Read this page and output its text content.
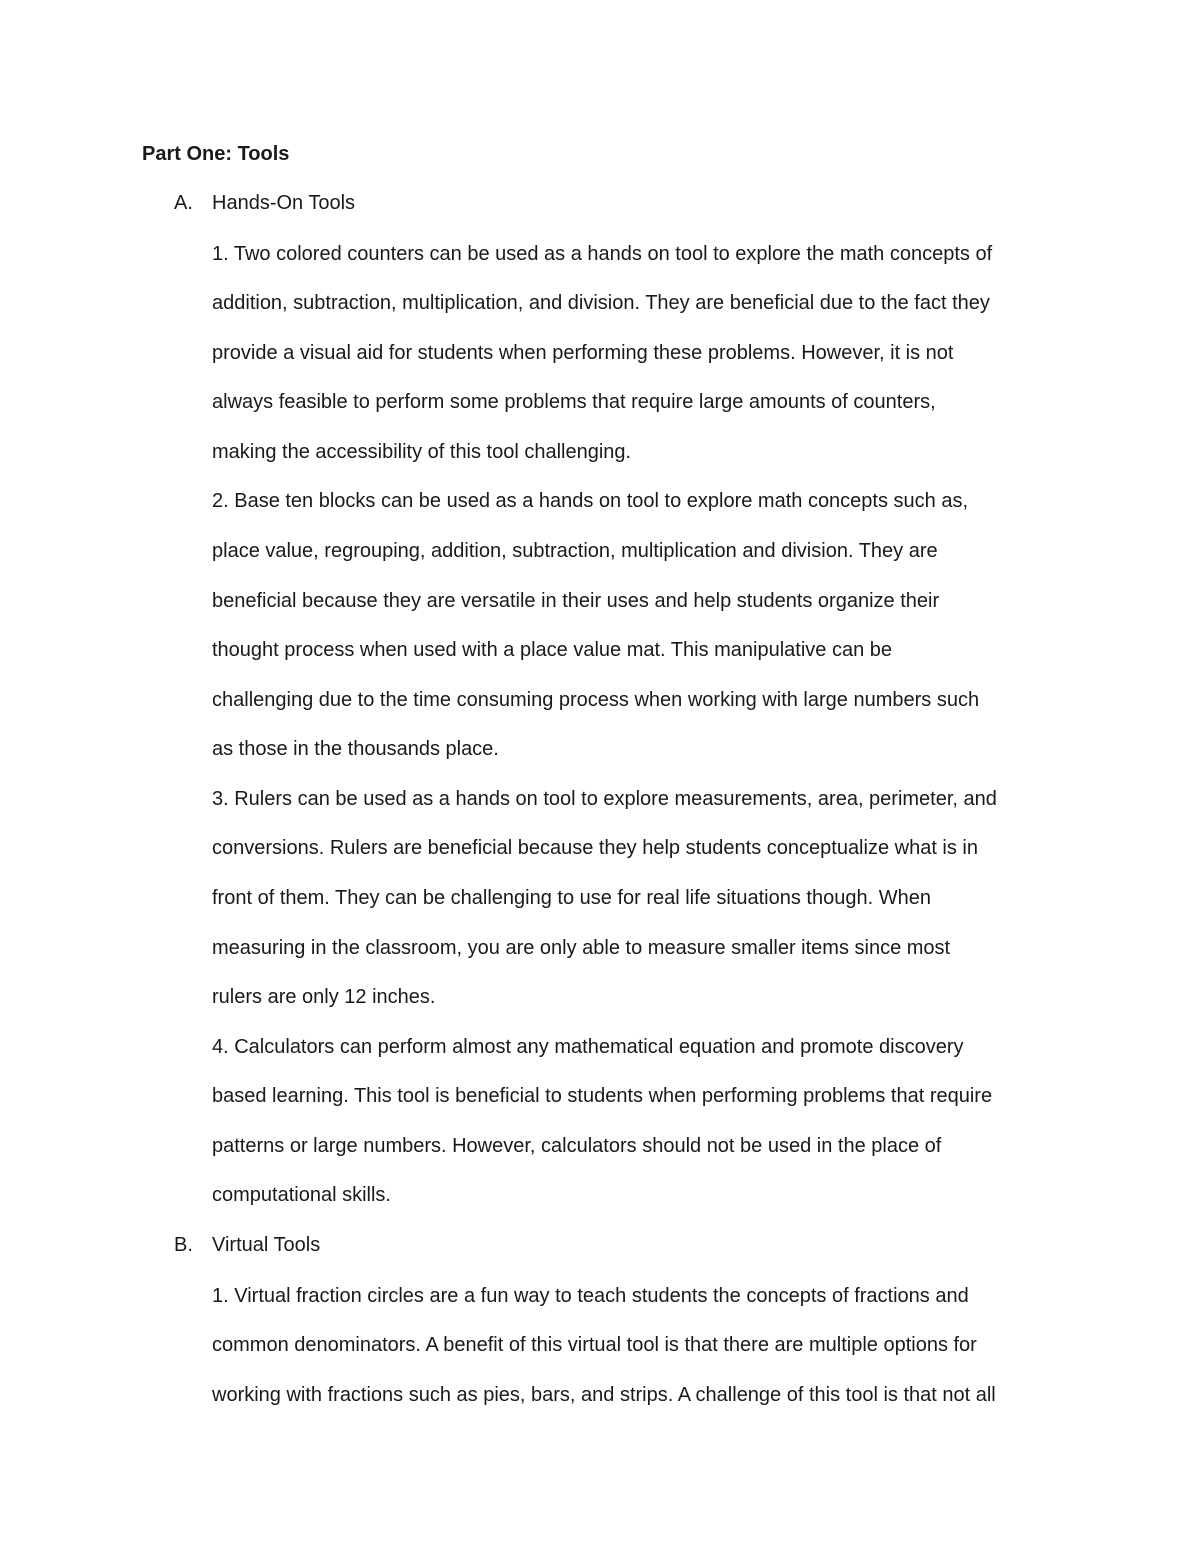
Part One: Tools
A. Hands-On Tools
1. Two colored counters can be used as a hands on tool to explore the math concepts of
addition, subtraction, multiplication, and division. They are beneficial due to the fact they
provide a visual aid for students when performing these problems. However, it is not
always feasible to perform some problems that require large amounts of counters,
making the accessibility of this tool challenging.
2. Base ten blocks can be used as a hands on tool to explore math concepts such as,
place value, regrouping, addition, subtraction, multiplication and division. They are
beneficial because they are versatile in their uses and help students organize their
thought process when used with a place value mat. This manipulative can be
challenging due to the time consuming process when working with large numbers such
as those in the thousands place.
3. Rulers can be used as a hands on tool to explore measurements, area, perimeter, and
conversions. Rulers are beneficial because they help students conceptualize what is in
front of them. They can be challenging to use for real life situations though. When
measuring in the classroom, you are only able to measure smaller items since most
rulers are only 12 inches.
4. Calculators can perform almost any mathematical equation and promote discovery
based learning. This tool is beneficial to students when performing problems that require
patterns or large numbers. However, calculators should not be used in the place of
computational skills.
B. Virtual Tools
1. Virtual fraction circles are a fun way to teach students the concepts of fractions and
common denominators. A benefit of this virtual tool is that there are multiple options for
working with fractions such as pies, bars, and strips. A challenge of this tool is that not all
